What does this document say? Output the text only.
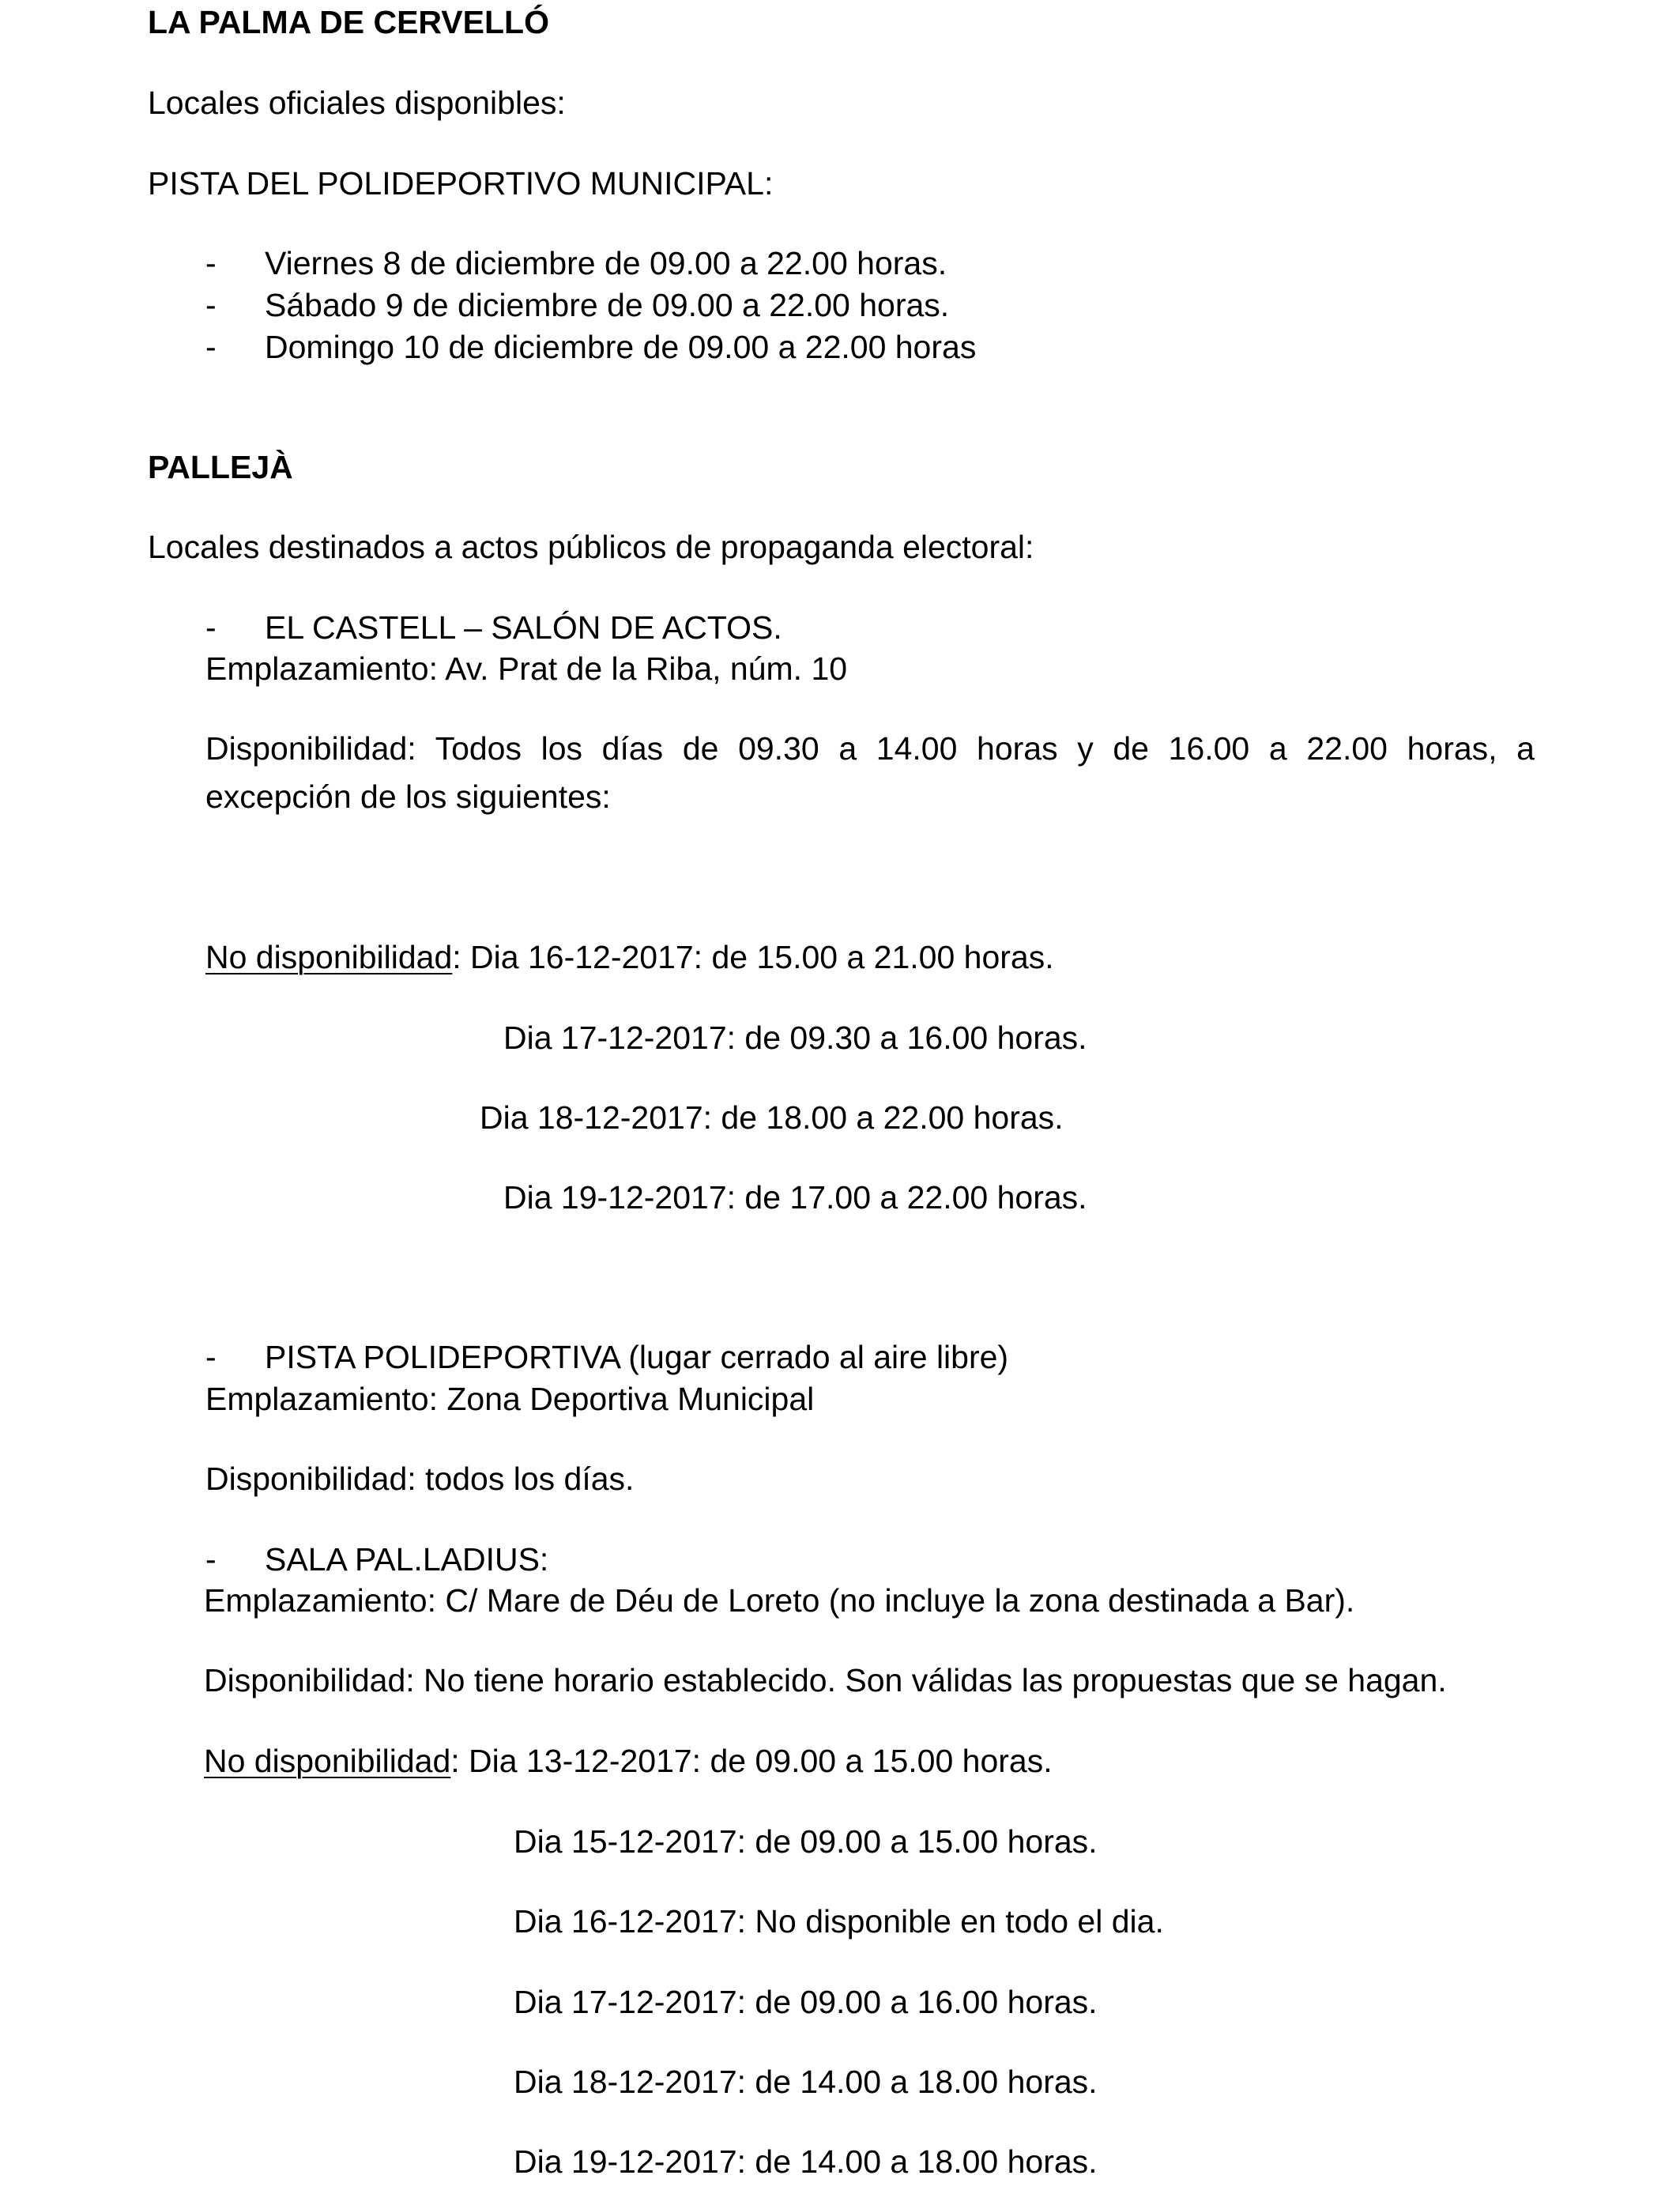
LA PALMA DE CERVELLÓ
Locales oficiales disponibles:
PISTA DEL POLIDEPORTIVO MUNICIPAL:
- Viernes 8 de diciembre de 09.00 a 22.00 horas.
- Sábado 9 de diciembre de 09.00 a 22.00 horas.
- Domingo 10 de diciembre de 09.00 a 22.00 horas
PALLEJÀ
Locales destinados a actos públicos de propaganda electoral:
- EL CASTELL – SALÓN DE ACTOS.
Emplazamiento: Av. Prat de la Riba, núm. 10
Disponibilidad: Todos los días de 09.30 a 14.00 horas y de 16.00 a 22.00 horas, a
excepción de los siguientes:
No disponibilidad: Dia 16-12-2017: de 15.00 a 21.00 horas.
Dia 17-12-2017: de 09.30 a 16.00 horas.
Dia 18-12-2017: de 18.00 a 22.00 horas.
Dia 19-12-2017: de 17.00 a 22.00 horas.
- PISTA POLIDEPORTIVA (lugar cerrado al aire libre)
Emplazamiento: Zona Deportiva Municipal
Disponibilidad: todos los días.
- SALA PAL.LADIUS:
Emplazamiento: C/ Mare de Déu de Loreto (no incluye la zona destinada a Bar).
Disponibilidad: No tiene horario establecido. Son válidas las propuestas que se hagan.
No disponibilidad: Dia 13-12-2017: de 09.00 a 15.00 horas.
Dia 15-12-2017: de 09.00 a 15.00 horas.
Dia 16-12-2017: No disponible en todo el dia.
Dia 17-12-2017: de 09.00 a 16.00 horas.
Dia 18-12-2017: de 14.00 a 18.00 horas.
Dia 19-12-2017: de 14.00 a 18.00 horas.
